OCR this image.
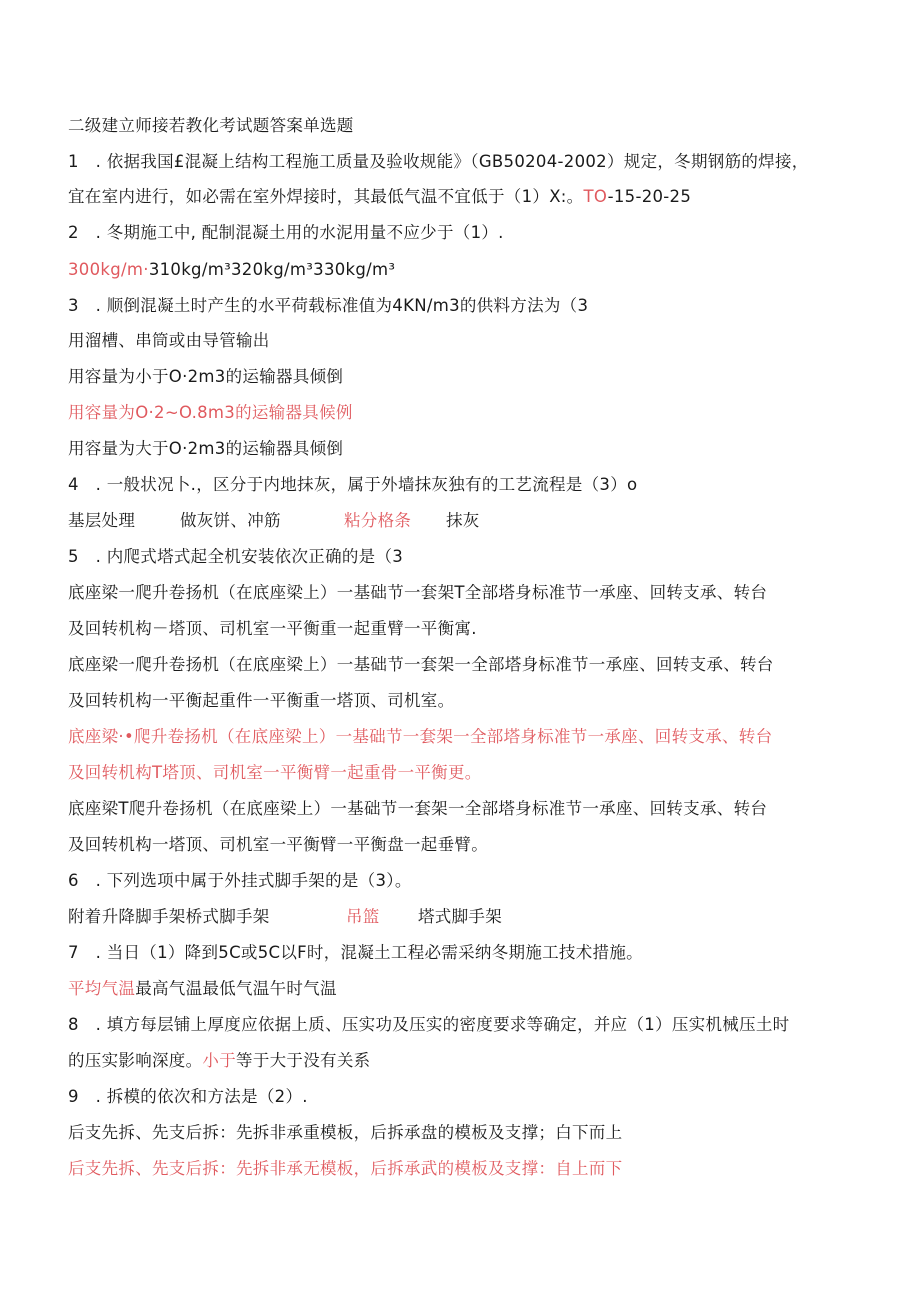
二级建立师接若教化考试题答案单选题
1　. 依据我国£混凝上结构工程施工质量及验收规能》（GB50204-2002）规定，冬期钢筋的焊接，
宜在室内进行，如必需在室外焊接时，其最低气温不宜低于（1）X:。TO-15-20-25
2　. 冬期施工中, 配制混凝土用的水泥用量不应少于（1）.
300kg/m·310kg/m³320kg/m³330kg/m³
3　. 顺倒混凝土时产生的水平荷载标准值为4KN/m3的供料方法为（3
用溜槽、串筒或由导管输出
用容量为小于O·2m3的运输器具倾倒
用容量为O·2~O.8m3的运输器具候例
用容量为大于O·2m3的运输器具倾倒
4　. 一般状况卜.，区分于内地抹灰，属于外墙抹灰独有的工艺流程是（3）o
基层处理	做灰饼、冲筋	粘分格条 抹灰
5　. 内爬式塔式起全机安装依次正确的是（3
底座梁一爬升卷扬机（在底座梁上）一基础节一套架T全部塔身标准节一承座、回转支承、转台
及回转机构－塔顶、司机室一平衡重一起重臂一平衡寓.
底座梁一爬升卷扬机（在底座梁上）一基础节一套架一全部塔身标准节一承座、回转支承、转台
及回转机构一平衡起重件一平衡重一塔顶、司机室。
底座梁·•爬升卷扬机（在底座梁上）一基础节一套架一全部塔身标准节一承座、回转支承、转台
及回转机构T塔顶、司机室一平衡臂一起重骨一平衡更。
底座梁T爬升卷扬机（在底座梁上）一基础节一套架一全部塔身标准节一承座、回转支承、转台
及回转机构一塔顶、司机室一平衡臂一平衡盘一起垂臂。
6　. 下列选项中属于外挂式脚手架的是（3）。
附着升降脚手架桥式脚手架	吊篮 塔式脚手架
7　. 当日（1）降到5C或5C以F时，混凝土工程必需采纳冬期施工技术措施。
平均气温最高气温最低气温午时气温
8　. 填方每层铺上厚度应依据上质、压实功及压实的密度要求等确定，并应（1）压实机械压土时
的压实影响深度。小于等于大于没有关系
9　. 拆模的依次和方法是（2）.
后支先拆、先支后拆：先拆非承重模板，后拆承盘的模板及支撑；白下而上
后支先拆、先支后拆：先拆非承无模板，后拆承武的模板及支撑：自上而下
